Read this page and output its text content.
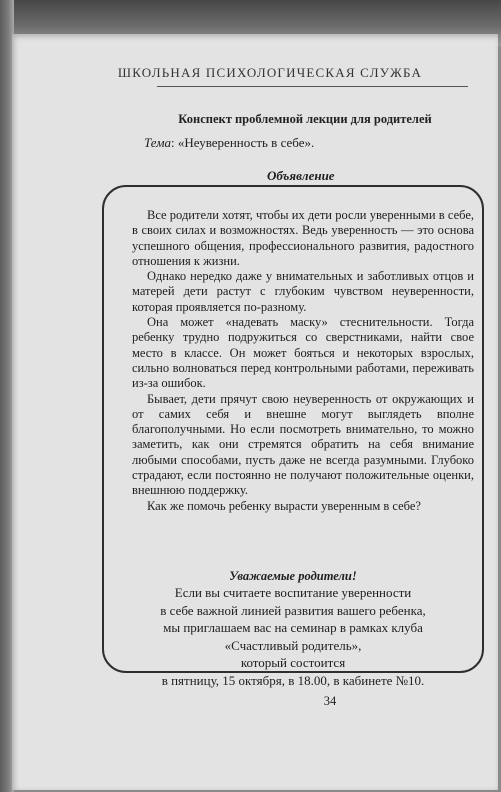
ШКОЛЬНАЯ ПСИХОЛОГИЧЕСКАЯ СЛУЖБА
Конспект проблемной лекции для родителей
Тема: «Неуверенность в себе».
Объявление

Все родители хотят, чтобы их дети росли уверенными в себе, в своих силах и возможностях. Ведь уверенность — это основа успешного общения, профессионального развития, радостного отношения к жизни.

Однако нередко даже у внимательных и заботливых отцов и матерей дети растут с глубоким чувством неуверенности, которая проявляется по-разному.

Она может «надевать маску» стеснительности. Тогда ребенку трудно подружиться со сверстниками, найти свое место в классе. Он может бояться и некоторых взрослых, сильно волноваться перед контрольными работами, переживать из-за ошибок.

Бывает, дети прячут свою неуверенность от окружающих и от самих себя и внешне могут выглядеть вполне благополучными. Но если посмотреть внимательно, то можно заметить, как они стремятся обратить на себя внимание любыми способами, пусть даже не всегда разумными. Глубоко страдают, если постоянно не получают положительные оценки, внешнюю поддержку.

Как же помочь ребенку вырасти уверенным в себе?

Уважаемые родители!
Если вы считаете воспитание уверенности
в себе важной линией развития вашего ребенка,
мы приглашаем вас на семинар в рамках клуба
«Счастливый родитель»,
который состоится
в пятницу, 15 октября, в 18.00, в кабинете №10.
34
